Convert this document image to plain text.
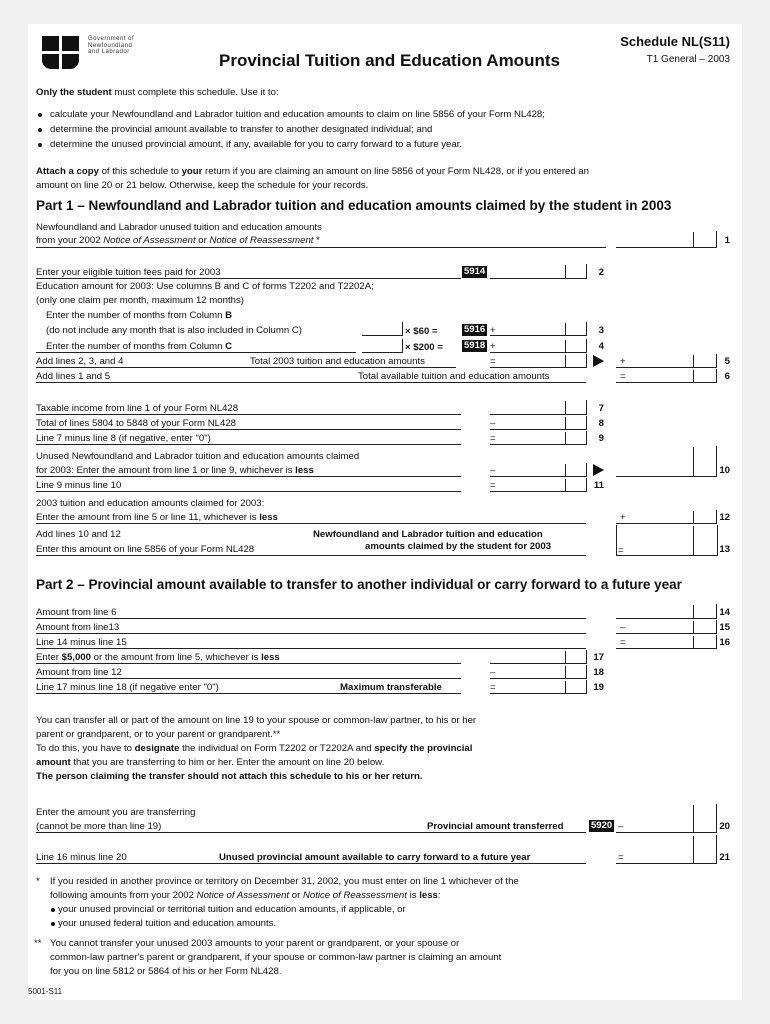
Government of
Newfoundland
and Labrador	Provincial Tuition and Education Amounts
Schedule NL(S11)
T1 General – 2003
Only the student must complete this schedule. Use it to:
calculate your Newfoundland and Labrador tuition and education amounts to claim on line 5856 of your Form NL428;
determine the provincial amount available to transfer to another designated individual; and
determine the unused provincial amount, if any, available for you to carry forward to a future year.
Attach a copy of this schedule to your return if you are claiming an amount on line 5856 of your Form NL428, or if you entered an
amount on line 20 or 21 below. Otherwise, keep the schedule for your records.
Part 1 – Newfoundland and Labrador tuition and education amounts claimed by the student in 2003
Newfoundland and Labrador unused tuition and education amounts
from your 2002 Notice of Assessment or Notice of Reassessment *	1
Enter your eligible tuition fees paid for 2003	5914	2
Education amount for 2003: Use columns B and C of forms T2202 and T2202A;
(only one claim per month, maximum 12 months)
Enter the number of months from Column B
(do not include any month that is also included in Column C)	× $60 =	5916 +	3
Enter the number of months from Column C	× $200 = 5918 +	4
Add lines 2, 3, and 4	Total 2003 tuition and education amounts	=	+	5
Add lines 1 and 5	Total available tuition and education amounts	=	6
Taxable income from line 1 of your Form NL428	7
Total of lines 5804 to 5848 of your Form NL428	–	8
Line 7 minus line 8 (if negative, enter "0")	=	9
Unused Newfoundland and Labrador tuition and education amounts claimed
for 2003: Enter the amount from line 1 or line 9, whichever is less	–	10
Line 9 minus line 10	=	11
2003 tuition and education amounts claimed for 2003:
Enter the amount from line 5 or line 11, whichever is less	+	12
Add lines 10 and 12
Enter this amount on line 5856 of your Form NL428
Newfoundland and Labrador tuition and education
amounts claimed by the student for 2003	=	13
Part 2 – Provincial amount available to transfer to another individual or carry forward to a future year
Amount from line 6	14
Amount from line13	–	15
Line 14 minus line 15	=	16
Enter $5,000 or the amount from line 5, whichever is less	17
Amount from line 12	–	18
Line 17 minus line 18 (if negative enter "0")	Maximum transferable	=	19
You can transfer all or part of the amount on line 19 to your spouse or common-law partner, to his or her
parent or grandparent, or to your parent or grandparent.**
To do this, you have to designate the individual on Form T2202 or T2202A and specify the provincial
amount that you are transferring to him or her. Enter the amount on line 20 below.
The person claiming the transfer should not attach this schedule to his or her return.
Enter the amount you are transferring
(cannot be more than line 19)	Provincial amount transferred	5920 –	20
Line 16 minus line 20	Unused provincial amount available to carry forward to a future year	=	21
* If you resided in another province or territory on December 31, 2002, you must enter on line 1 whichever of the
following amounts from your 2002 Notice of Assessment or Notice of Reassessment is less:
your unused provincial or territorial tuition and education amounts, if applicable, or
your unused federal tuition and education amounts.
** You cannot transfer your unused 2003 amounts to your parent or grandparent, or your spouse or
common-law partner's parent or grandparent, if your spouse or common-law partner is claiming an amount
for you on line 5812 or 5864 of his or her Form NL428.
5001-S11
